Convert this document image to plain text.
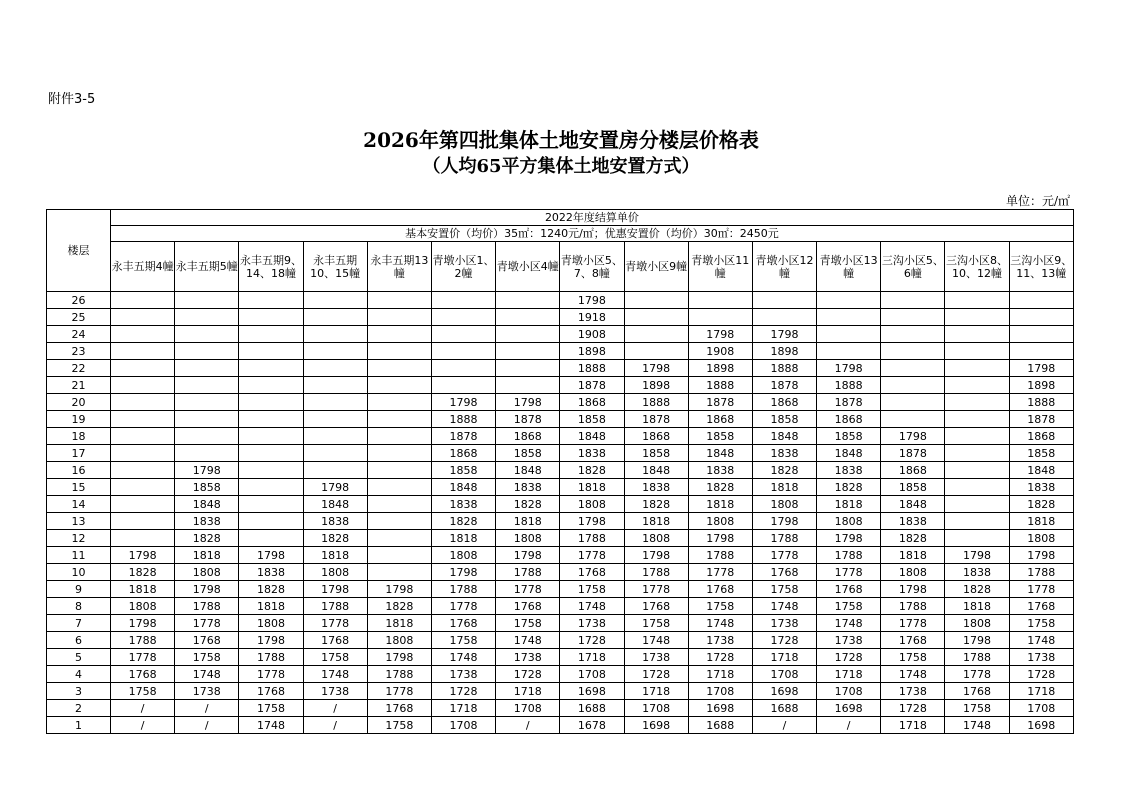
附件3-5
2026年第四批集体土地安置房分楼层价格表
（人均65平方集体土地安置方式）
单位：元/㎡
楼层	2022年度结算单价														
	基本安置价（均价）35㎡：1240元/㎡；优惠安置价（均价）30㎡：2450元														
	永丰五期4幢	永丰五期5幢	永丰五期9、14、18幢	永丰五期10、15幢	永丰五期13幢	青墩小区1、2幢	青墩小区4幢	青墩小区5、7、8幢	青墩小区9幢	青墩小区11幢	青墩小区12幢	青墩小区13幢	三沟小区5、6幢	三沟小区8、10、12幢	三沟小区9、11、13幢
26								1798							
25								1918							
24								1908		1798	1798				
23								1898		1908	1898				
22								1888	1798	1898	1888	1798			1798
21								1878	1898	1888	1878	1888			1898
20						1798	1798	1868	1888	1878	1868	1878			1888
19						1888	1878	1858	1878	1868	1858	1868			1878
18						1878	1868	1848	1868	1858	1848	1858	1798		1868
17						1868	1858	1838	1858	1848	1838	1848	1878		1858
16		1798				1858	1848	1828	1848	1838	1828	1838	1868		1848
15		1858		1798		1848	1838	1818	1838	1828	1818	1828	1858		1838
14		1848		1848		1838	1828	1808	1828	1818	1808	1818	1848		1828
13		1838		1838		1828	1818	1798	1818	1808	1798	1808	1838		1818
12		1828		1828		1818	1808	1788	1808	1798	1788	1798	1828		1808
11	1798	1818	1798	1818		1808	1798	1778	1798	1788	1778	1788	1818	1798	1798
10	1828	1808	1838	1808		1798	1788	1768	1788	1778	1768	1778	1808	1838	1788
9	1818	1798	1828	1798	1798	1788	1778	1758	1778	1768	1758	1768	1798	1828	1778
8	1808	1788	1818	1788	1828	1778	1768	1748	1768	1758	1748	1758	1788	1818	1768
7	1798	1778	1808	1778	1818	1768	1758	1738	1758	1748	1738	1748	1778	1808	1758
6	1788	1768	1798	1768	1808	1758	1748	1728	1748	1738	1728	1738	1768	1798	1748
5	1778	1758	1788	1758	1798	1748	1738	1718	1738	1728	1718	1728	1758	1788	1738
4	1768	1748	1778	1748	1788	1738	1728	1708	1728	1718	1708	1718	1748	1778	1728
3	1758	1738	1768	1738	1778	1728	1718	1698	1718	1708	1698	1708	1738	1768	1718
2	/	/	1758	/	1768	1718	1708	1688	1708	1698	1688	1698	1728	1758	1708
1	/	/	1748	/	1758	1708	/	1678	1698	1688	/	/	1718	1748	1698
